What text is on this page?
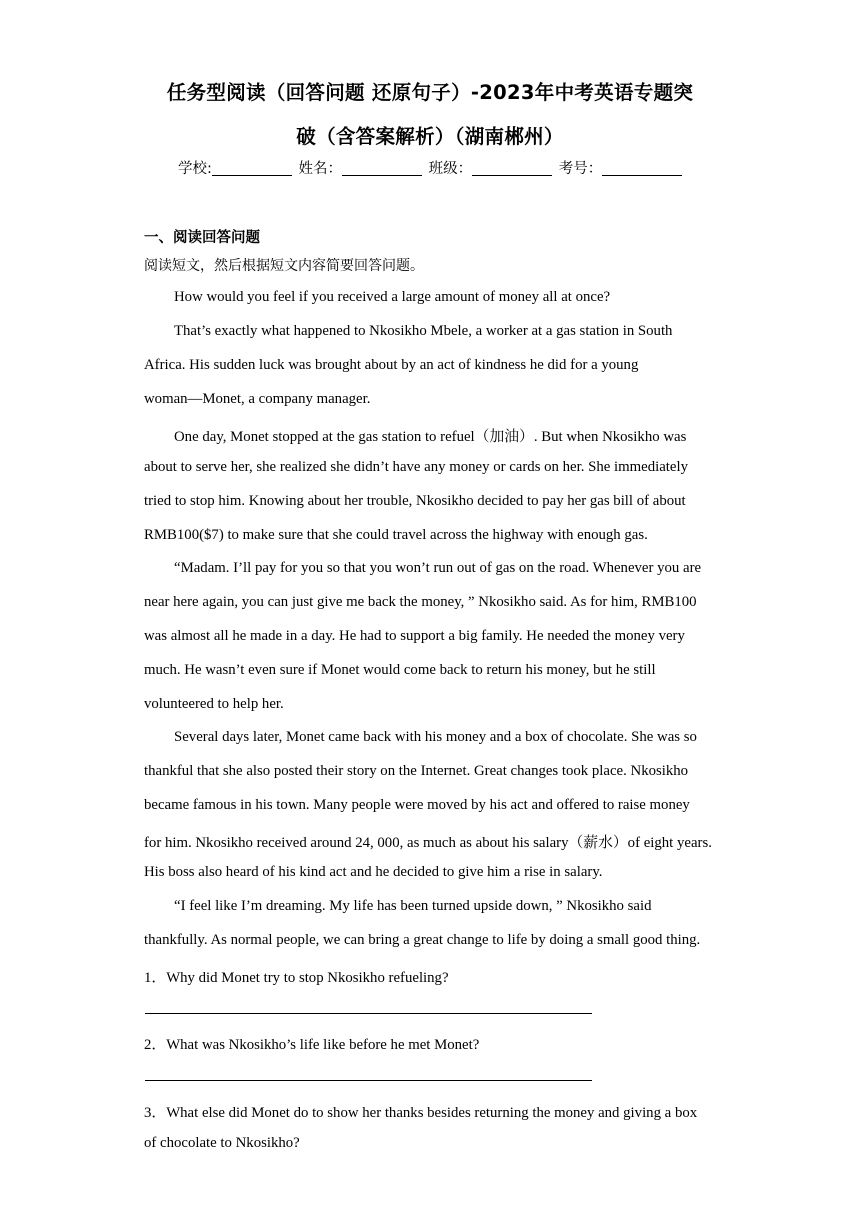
任务型阅读（回答问题 还原句子）-2023年中考英语专题突
破（含答案解析）（湖南郴州）
学校:	姓名：	班级：	考号：
一、阅读回答问题
阅读短文，然后根据短文内容简要回答问题。
How would you feel if you received a large amount of money all at once?
That’s exactly what happened to Nkosikho Mbele, a worker at a gas station in South
Africa. His sudden luck was brought about by an act of kindness he did for a young
woman—Monet, a company manager.
One day, Monet stopped at the gas station to refuel（加油）. But when Nkosikho was
about to serve her, she realized she didn’t have any money or cards on her. She immediately
tried to stop him. Knowing about her trouble, Nkosikho decided to pay her gas bill of about
RMB100($7) to make sure that she could travel across the highway with enough gas.
“Madam. I’ll pay for you so that you won’t run out of gas on the road. Whenever you are
near here again, you can just give me back the money, ” Nkosikho said. As for him, RMB100
was almost all he made in a day. He had to support a big family. He needed the money very
much. He wasn’t even sure if Monet would come back to return his money, but he still
volunteered to help her.
Several days later, Monet came back with his money and a box of chocolate. She was so
thankful that she also posted their story on the Internet. Great changes took place. Nkosikho
became famous in his town. Many people were moved by his act and offered to raise money
for him. Nkosikho received around 24, 000, as much as about his salary（薪水）of eight years.
His boss also heard of his kind act and he decided to give him a rise in salary.
“I feel like I’m dreaming. My life has been turned upside down, ” Nkosikho said
thankfully. As normal people, we can bring a great change to life by doing a small good thing.
1．Why did Monet try to stop Nkosikho refueling?
2．What was Nkosikho’s life like before he met Monet?
3．What else did Monet do to show her thanks besides returning the money and giving a box
of chocolate to Nkosikho?
